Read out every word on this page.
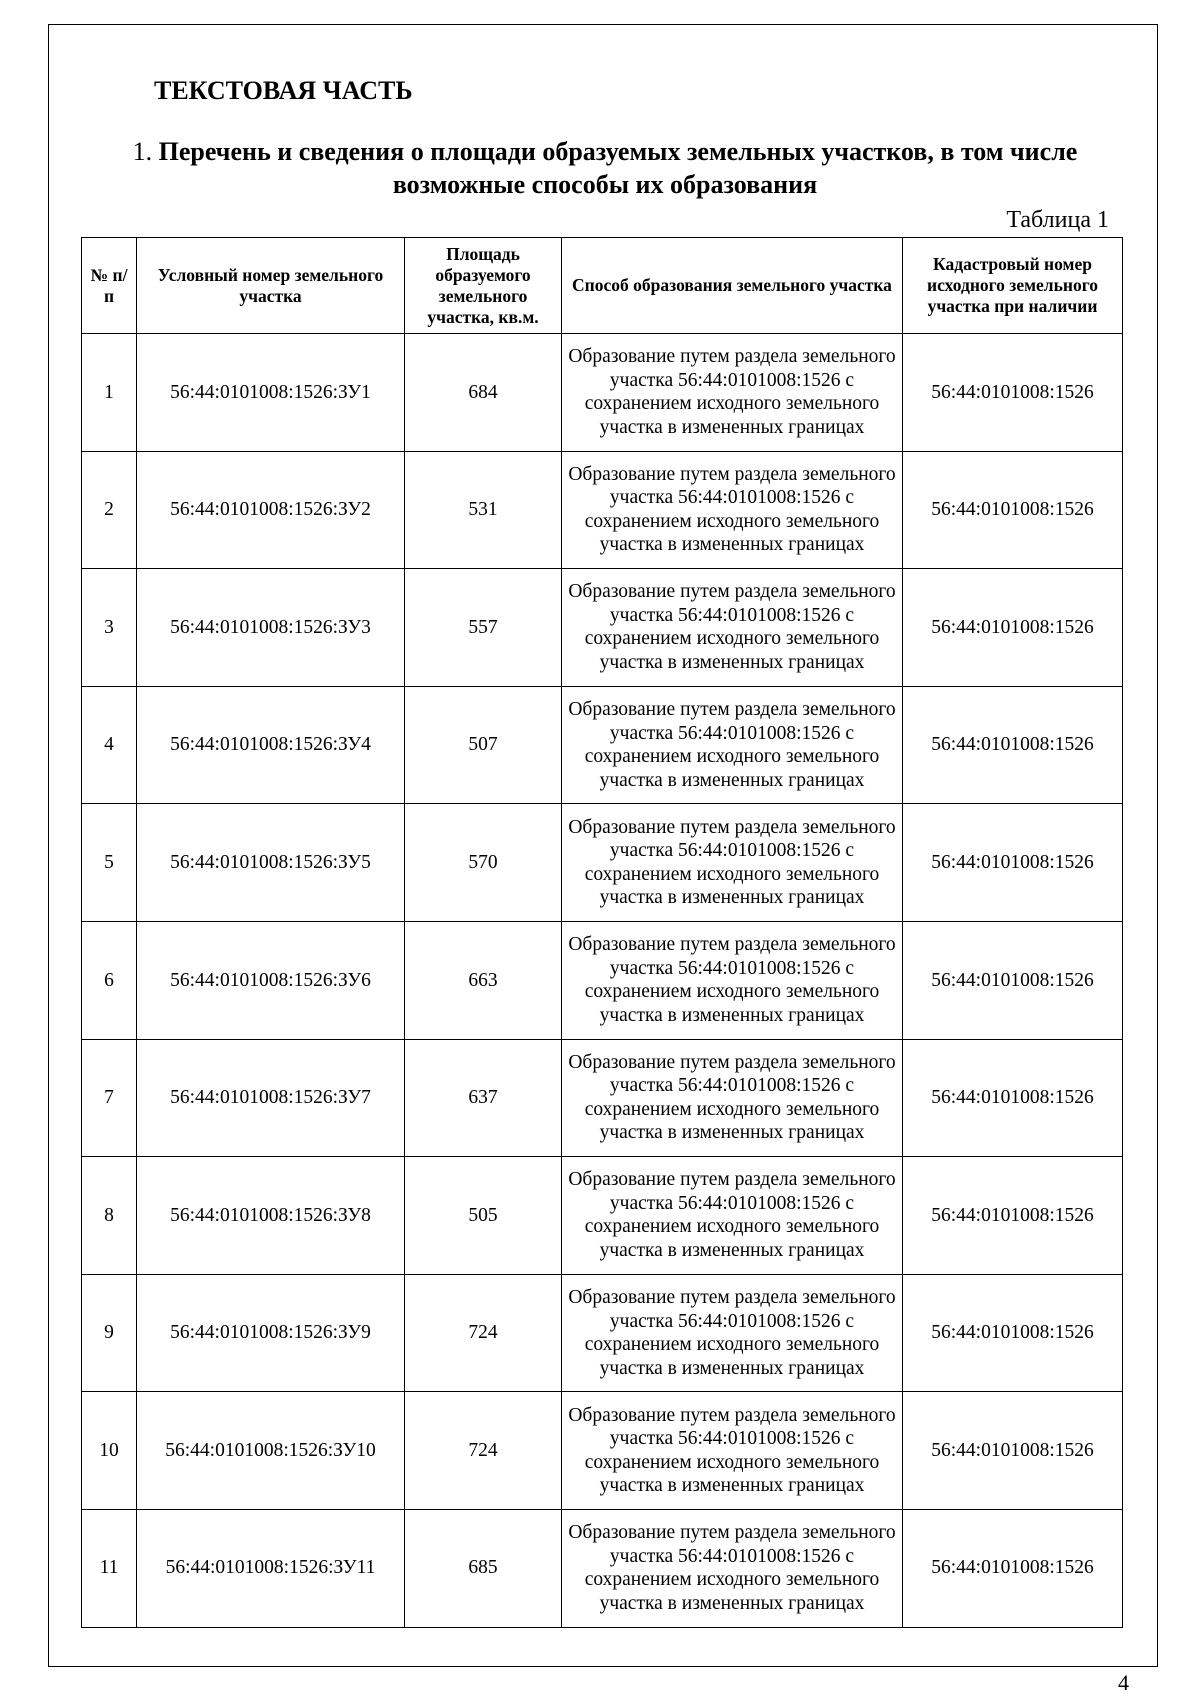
ТЕКСТОВАЯ ЧАСТЬ
1. Перечень и сведения о площади образуемых земельных участков, в том числе возможные способы их образования
Таблица 1
№ п/п	Условный номер земельного участка	Площадь образуемого земельного участка, кв.м.	Способ образования земельного участка	Кадастровый номер исходного земельного участка при наличии
1	56:44:0101008:1526:ЗУ1	684	Образование путем раздела земельного участка 56:44:0101008:1526 с сохранением исходного земельного участка в измененных границах	56:44:0101008:1526
2	56:44:0101008:1526:ЗУ2	531	Образование путем раздела земельного участка 56:44:0101008:1526 с сохранением исходного земельного участка в измененных границах	56:44:0101008:1526
3	56:44:0101008:1526:ЗУ3	557	Образование путем раздела земельного участка 56:44:0101008:1526 с сохранением исходного земельного участка в измененных границах	56:44:0101008:1526
4	56:44:0101008:1526:ЗУ4	507	Образование путем раздела земельного участка 56:44:0101008:1526 с сохранением исходного земельного участка в измененных границах	56:44:0101008:1526
5	56:44:0101008:1526:ЗУ5	570	Образование путем раздела земельного участка 56:44:0101008:1526 с сохранением исходного земельного участка в измененных границах	56:44:0101008:1526
6	56:44:0101008:1526:ЗУ6	663	Образование путем раздела земельного участка 56:44:0101008:1526 с сохранением исходного земельного участка в измененных границах	56:44:0101008:1526
7	56:44:0101008:1526:ЗУ7	637	Образование путем раздела земельного участка 56:44:0101008:1526 с сохранением исходного земельного участка в измененных границах	56:44:0101008:1526
8	56:44:0101008:1526:ЗУ8	505	Образование путем раздела земельного участка 56:44:0101008:1526 с сохранением исходного земельного участка в измененных границах	56:44:0101008:1526
9	56:44:0101008:1526:ЗУ9	724	Образование путем раздела земельного участка 56:44:0101008:1526 с сохранением исходного земельного участка в измененных границах	56:44:0101008:1526
10	56:44:0101008:1526:ЗУ10	724	Образование путем раздела земельного участка 56:44:0101008:1526 с сохранением исходного земельного участка в измененных границах	56:44:0101008:1526
11	56:44:0101008:1526:ЗУ11	685	Образование путем раздела земельного участка 56:44:0101008:1526 с сохранением исходного земельного участка в измененных границах	56:44:0101008:1526
4
